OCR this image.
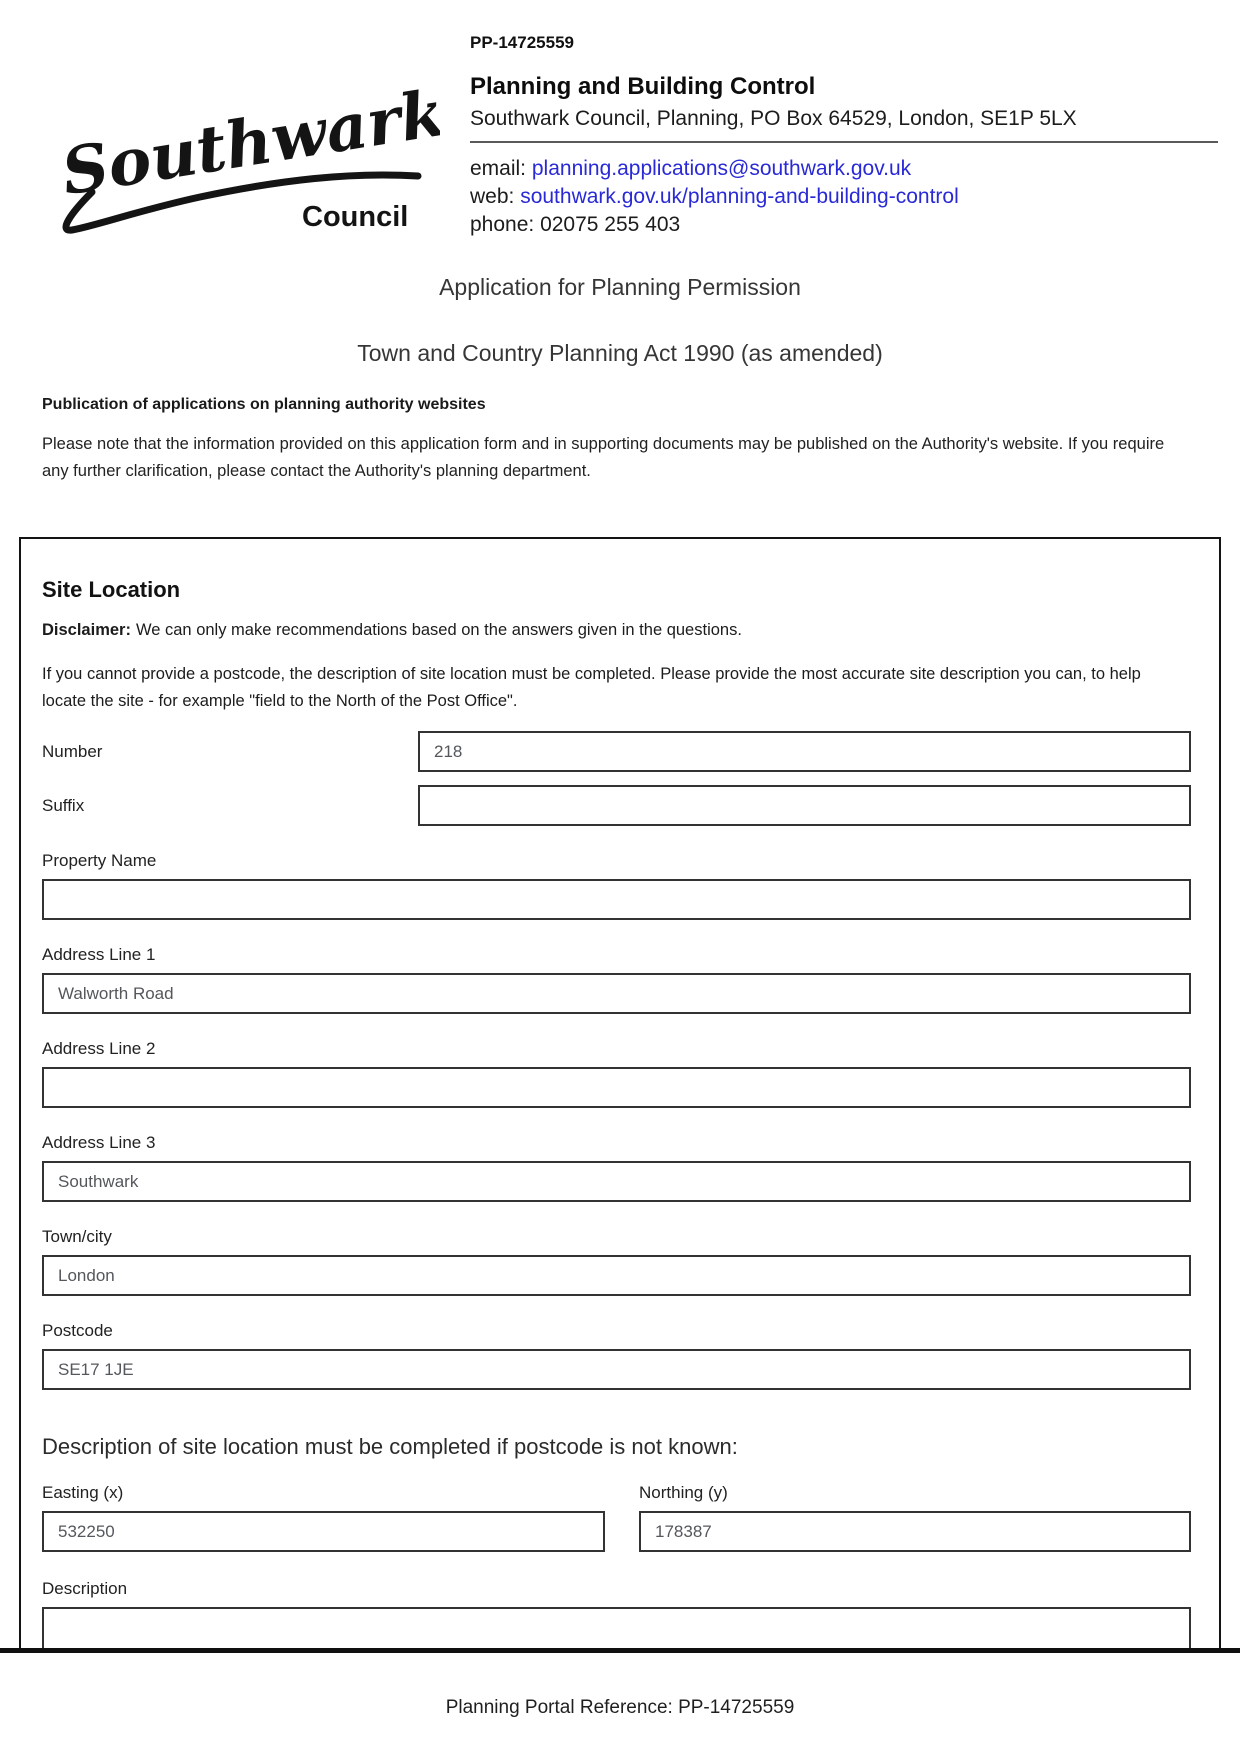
Southwark
Council
PP-14725559
Planning and Building Control
Southwark Council, Planning, PO Box 64529, London, SE1P 5LX
email: planning.applications@southwark.gov.uk
web: southwark.gov.uk/planning-and-building-control
phone: 02075 255 403
Application for Planning Permission
Town and Country Planning Act 1990 (as amended)
Publication of applications on planning authority websites
Please note that the information provided on this application form and in supporting documents may be published on the Authority's website. If you require any further clarification, please contact the Authority's planning department.
Site Location
Disclaimer: We can only make recommendations based on the answers given in the questions.
If you cannot provide a postcode, the description of site location must be completed. Please provide the most accurate site description you can, to help locate the site - for example "field to the North of the Post Office".
Number
218
Suffix
Property Name
Address Line 1
Walworth Road
Address Line 2
Address Line 3
Southwark
Town/city
London
Postcode
SE17 1JE
Description of site location must be completed if postcode is not known:
Easting (x)
532250	Northing (y)
178387
Description
Planning Portal Reference: PP-14725559
